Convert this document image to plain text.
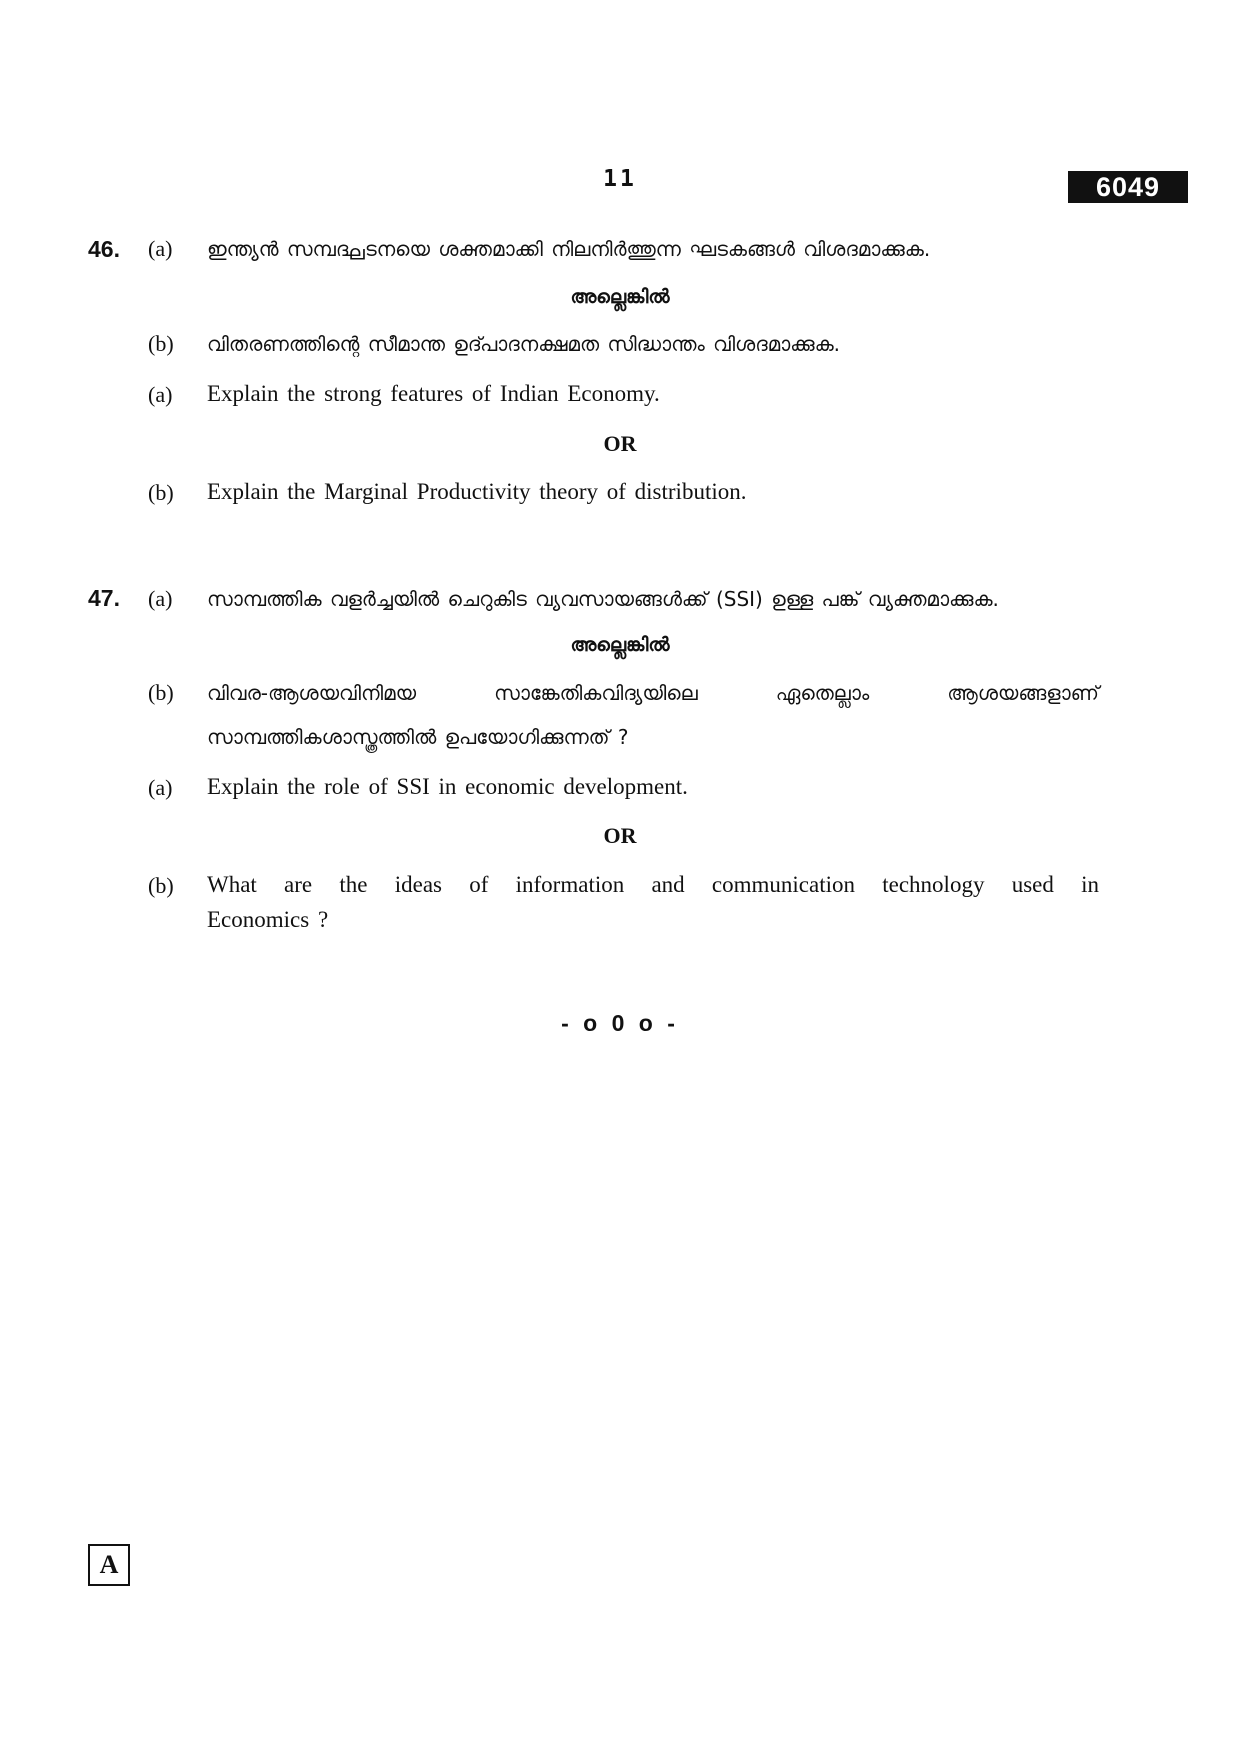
11	6049
46. (a) ഇന്ത്യൻ സമ്പദ്ഘടനയെ ശക്തമാക്കി നിലനിർത്തുന്ന ഘടകങ്ങൾ വിശദമാക്കുക.
അല്ലെങ്കിൽ
(b) വിതരണത്തിന്റെ സീമാന്ത ഉദ്പാദനക്ഷമത സിദ്ധാന്തം വിശദമാക്കുക.
(a) Explain the strong features of Indian Economy.
OR
(b) Explain the Marginal Productivity theory of distribution.
47. (a) സാമ്പത്തിക വളർച്ചയിൽ ചെറുകിട വ്യവസായങ്ങൾക്ക് (SSI) ഉള്ള പങ്ക് വ്യക്തമാക്കുക.
അല്ലെങ്കിൽ
(b) വിവര-ആശയവിനിമയ സാങ്കേതികവിദ്യയിലെ ഏതെല്ലാം ആശയങ്ങളാണ്
സാമ്പത്തികശാസ്ത്രത്തിൽ ഉപയോഗിക്കുന്നത് ?
(a) Explain the role of SSI in economic development.
OR
(b) What are the ideas of information and communication technology used in
Economics ?
- o 0 o -
A
